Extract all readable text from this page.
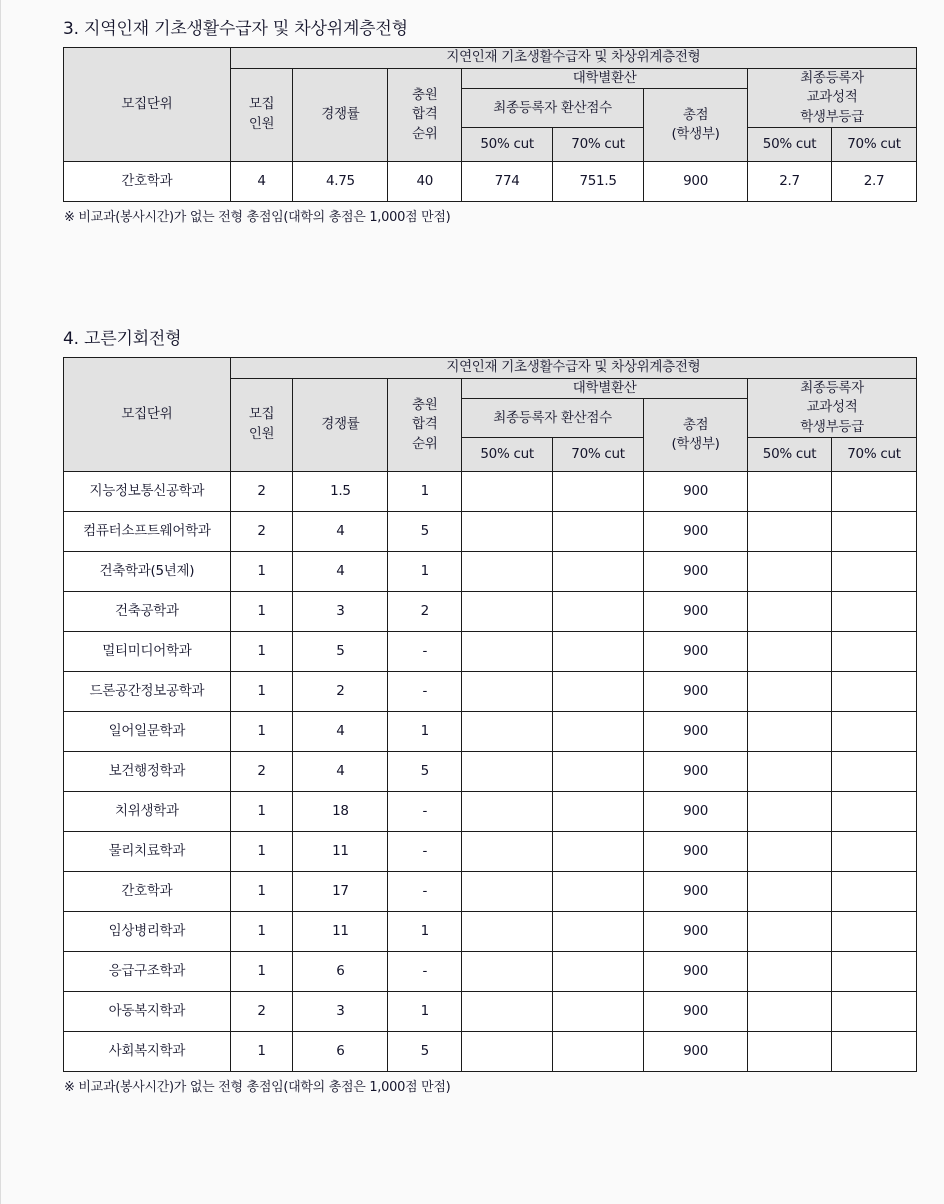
3. 지역인재 기초생활수급자 및 차상위계층전형
모집단위	지연인재 기초생활수급자 및 차상위계층전형							

	모집
인원	경쟁률	충원
합격
순위	대학별환산			최종등록자
교과성적
학생부등급	

				최종등록자 환산점수		총점
(학생부)		

				50% cut	70% cut		50% cut	70% cut
간호학과	4	4.75	40	774	751.5	900	2.7	2.7

※ 비교과(봉사시간)가 없는 전형 총점임(대학의 총점은 1,000점 만점)

4. 고른기회전형
모집단위	지연인재 기초생활수급자 및 차상위계층전형							

	모집
인원	경쟁률	충원
합격
순위	대학별환산			최종등록자
교과성적
학생부등급	

				최종등록자 환산점수		총점
(학생부)		

				50% cut	70% cut		50% cut	70% cut
지능정보통신공학과	2	1.5	1			900		
컴퓨터소프트웨어학과	2	4	5			900		
건축학과(5년제)	1	4	1			900		
건축공학과	1	3	2			900		
멀티미디어학과	1	5	-			900		
드론공간정보공학과	1	2	-			900		
일어일문학과	1	4	1			900		
보건행정학과	2	4	5			900		
치위생학과	1	18	-			900		
물리치료학과	1	11	-			900		
간호학과	1	17	-			900		
임상병리학과	1	11	1			900		
응급구조학과	1	6	-			900		
아동복지학과	2	3	1			900		
사회복지학과	1	6	5			900		

※ 비교과(봉사시간)가 없는 전형 총점임(대학의 총점은 1,000점 만점)
